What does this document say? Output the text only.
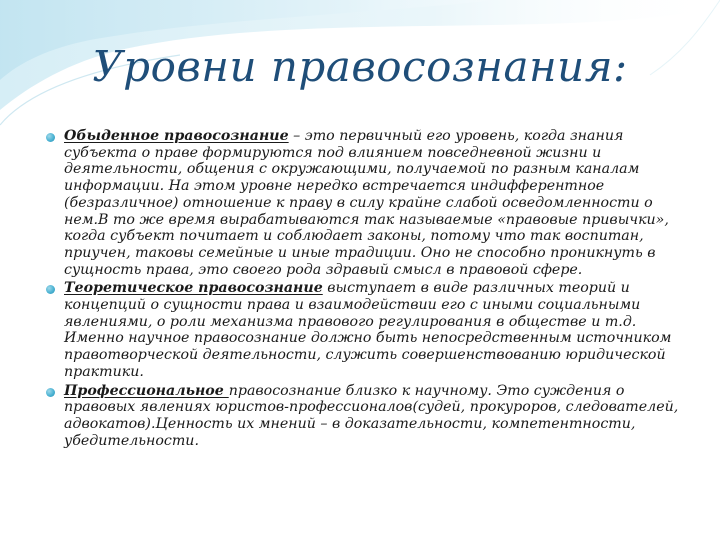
Уровни правосознания:
Обыденное правосознание – это первичный его уровень, когда знания субъекта о праве формируются под влиянием повседневной жизни и деятельности, общения с окружающими, получаемой по разным каналам информации. На этом уровне нередко встречается индифферентное (безразличное) отношение к праву в силу крайне слабой осведомленности о нем.В то же время вырабатываются так называемые «правовые привычки», когда субъект почитает и соблюдает законы, потому что так воспитан, приучен, таковы семейные и иные традиции. Оно не способно проникнуть в сущность права, это своего рода здравый смысл в правовой сфере.
Теоретическое правосознание выступает в виде различных теорий и концепций о сущности права и взаимодействии его с иными социальными явлениями, о роли механизма правового регулирования в обществе и т.д. Именно научное правосознание должно быть непосредственным источником правотворческой деятельности, служить совершенствованию юридической практики.
Профессиональное правосознание близко к научному. Это суждения о правовых явлениях юристов-профессионалов(судей, прокуроров, следователей, адвокатов).Ценность их мнений – в доказательности, компетентности, убедительности.
